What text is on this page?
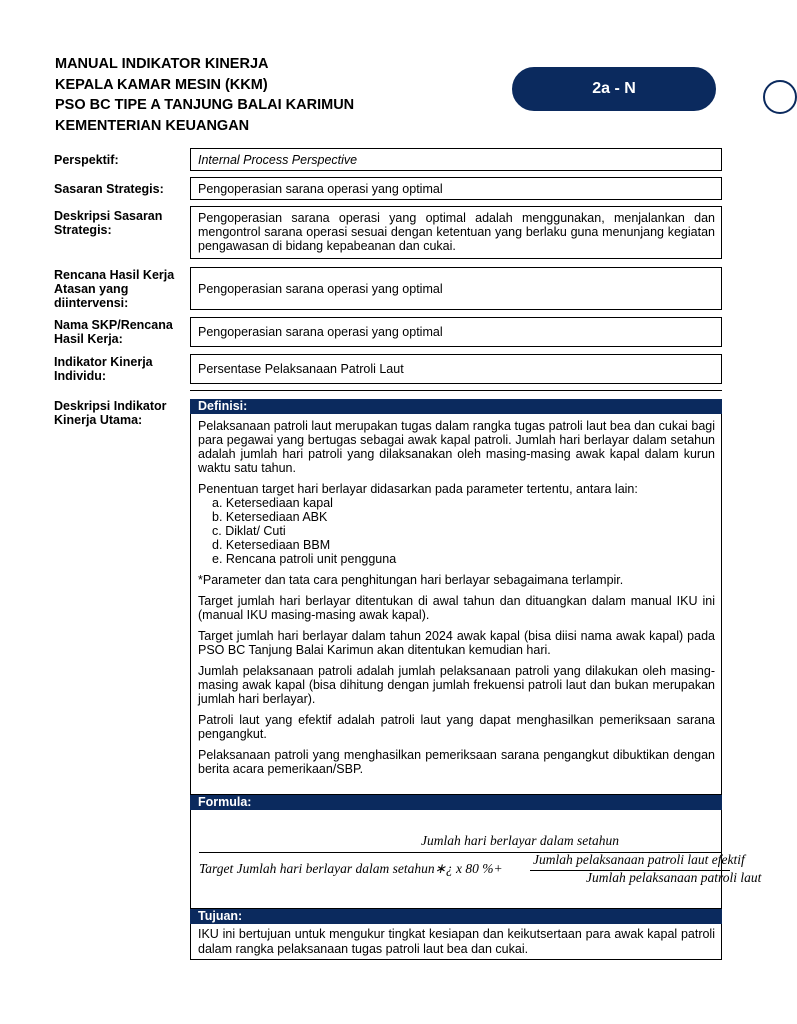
MANUAL INDIKATOR KINERJA
KEPALA KAMAR MESIN (KKM)
PSO BC TIPE A TANJUNG BALAI KARIMUN
KEMENTERIAN KEUANGAN
2a - N
Perspektif:	Internal Process Perspective
Sasaran Strategis:	Pengoperasian sarana operasi yang optimal
Deskripsi Sasaran Strategis:
Pengoperasian sarana operasi yang optimal adalah menggunakan, menjalankan dan mengontrol sarana operasi sesuai dengan ketentuan yang berlaku guna menunjang kegiatan pengawasan di bidang kepabeanan dan cukai.
Rencana Hasil Kerja Atasan yang diintervensi:
Pengoperasian sarana operasi yang optimal
Nama SKP/Rencana Hasil Kerja:	Pengoperasian sarana operasi yang optimal
Indikator Kinerja Individu:	Persentase Pelaksanaan Patroli Laut
Deskripsi Indikator Kinerja Utama:
Definisi:

Pelaksanaan patroli laut merupakan tugas dalam rangka tugas patroli laut bea dan cukai bagi para pegawai yang bertugas sebagai awak kapal patroli. Jumlah hari berlayar dalam setahun adalah jumlah hari patroli yang dilaksanakan oleh masing-masing awak kapal dalam kurun waktu satu tahun.

Penentuan target hari berlayar didasarkan pada parameter tertentu, antara lain:

a. Ketersediaan kapal
b. Ketersediaan ABK
c. Diklat/ Cuti
d. Ketersediaan BBM
e. Rencana patroli unit pengguna

*Parameter dan tata cara penghitungan hari berlayar sebagaimana terlampir.

Target jumlah hari berlayar ditentukan di awal tahun dan dituangkan dalam manual IKU ini (manual IKU masing-masing awak kapal).

Target jumlah hari berlayar dalam tahun 2024 awak kapal (bisa diisi nama awak kapal) pada PSO BC Tanjung Balai Karimun akan ditentukan kemudian hari.

Jumlah pelaksanaan patroli adalah jumlah pelaksanaan patroli yang dilakukan oleh masing-masing awak kapal (bisa dihitung dengan jumlah frekuensi patroli laut dan bukan merupakan jumlah hari berlayar).

Patroli laut yang efektif adalah patroli laut yang dapat menghasilkan pemeriksaan sarana pengangkut.

Pelaksanaan patroli yang menghasilkan pemeriksaan sarana pengangkut dibuktikan dengan berita acara pemerikaan/SBP.

Formula:
Jumlah hari berlayar dalam setahun
Target Jumlah hari berlayar dalam setahun∗¿ x 80 %+
Jumlah pelaksanaan patroli laut efektif
Jumlah pelaksanaan patroli laut
Tujuan:
IKU ini bertujuan untuk mengukur tingkat kesiapan dan keikutsertaan para awak kapal patroli dalam rangka pelaksanaan tugas patroli laut bea dan cukai.
